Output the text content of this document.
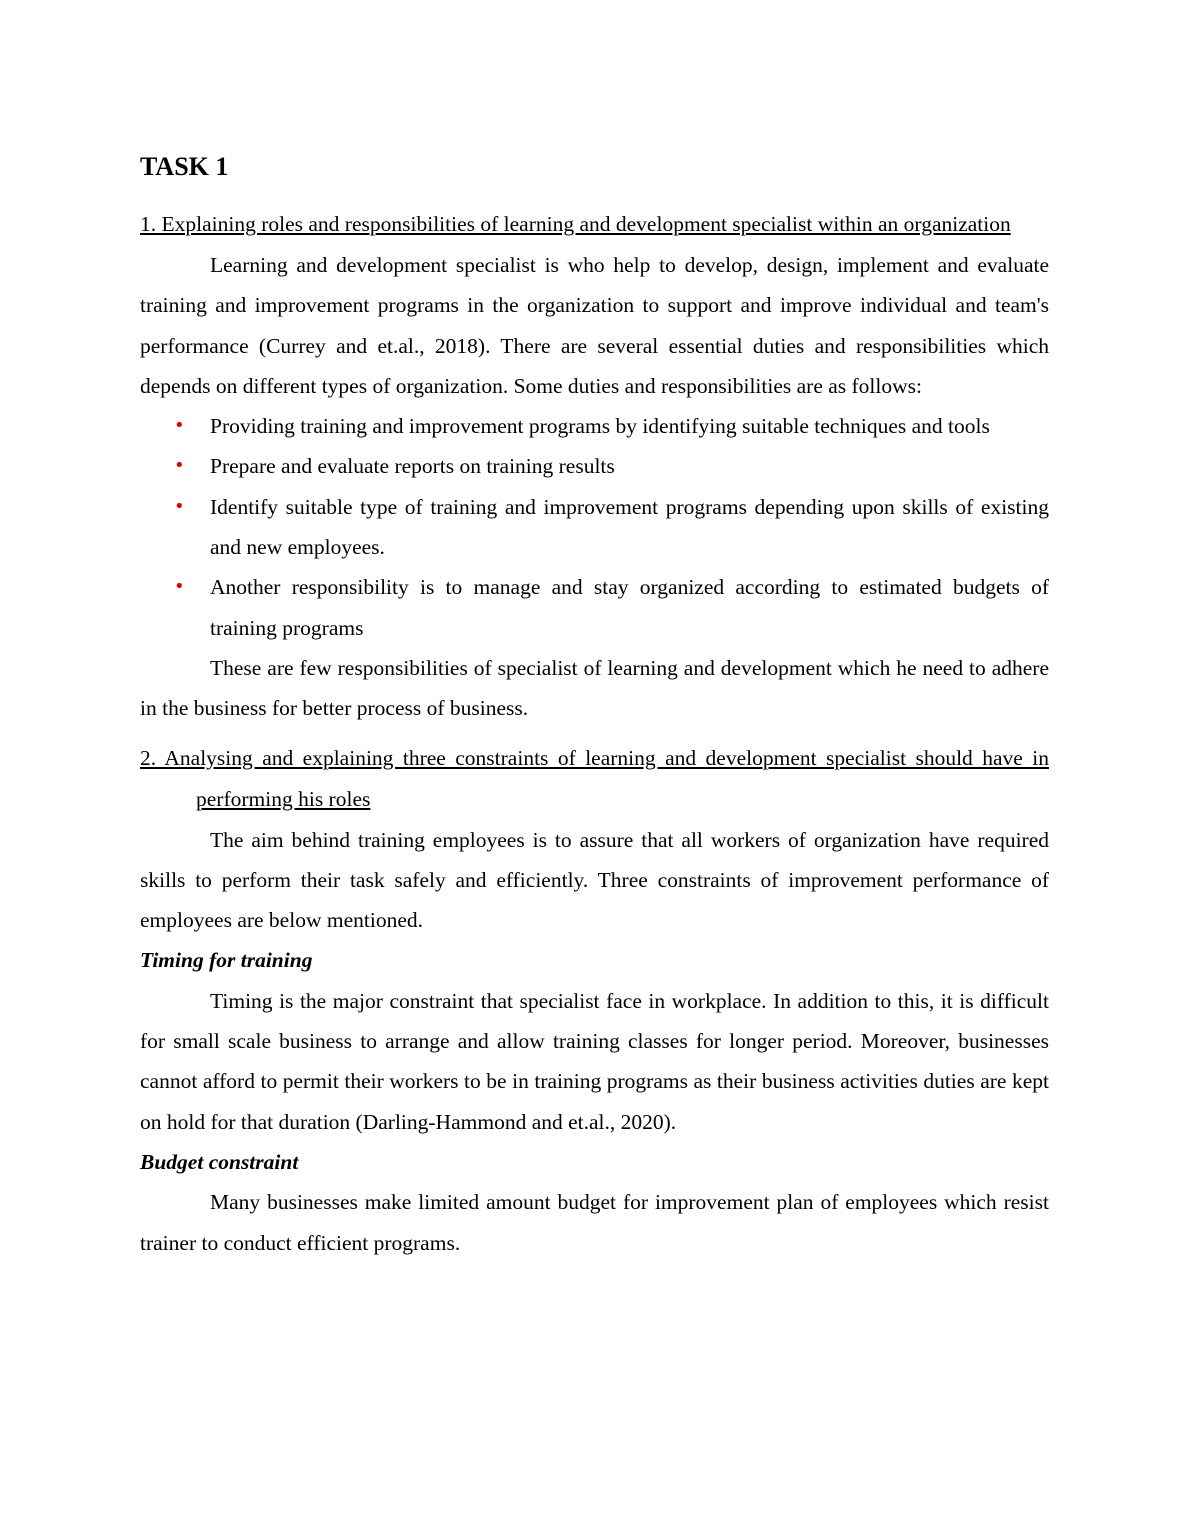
TASK 1

1. Explaining roles and responsibilities of learning and development specialist within an organization

Learning and development specialist is who help to develop, design, implement and evaluate training and improvement programs in the organization to support and improve individual and team's performance (Currey and et.al., 2018). There are several essential duties and responsibilities which depends on different types of organization. Some duties and responsibilities are as follows:

• Providing training and improvement programs by identifying suitable techniques and tools
• Prepare and evaluate reports on training results
• Identify suitable type of training and improvement programs depending upon skills of existing and new employees.
• Another responsibility is to manage and stay organized according to estimated budgets of training programs

These are few responsibilities of specialist of learning and development which he need to adhere in the business for better process of business.

2. Analysing and explaining three constraints of learning and development specialist should have in performing his roles

The aim behind training employees is to assure that all workers of organization have required skills to perform their task safely and efficiently. Three constraints of improvement performance of employees are below mentioned.

Timing for training

Timing is the major constraint that specialist face in workplace. In addition to this, it is difficult for small scale business to arrange and allow training classes for longer period. Moreover, businesses cannot afford to permit their workers to be in training programs as their business activities duties are kept on hold for that duration (Darling-Hammond and et.al., 2020).

Budget constraint

Many businesses make limited amount budget for improvement plan of employees which resist trainer to conduct efficient programs.
